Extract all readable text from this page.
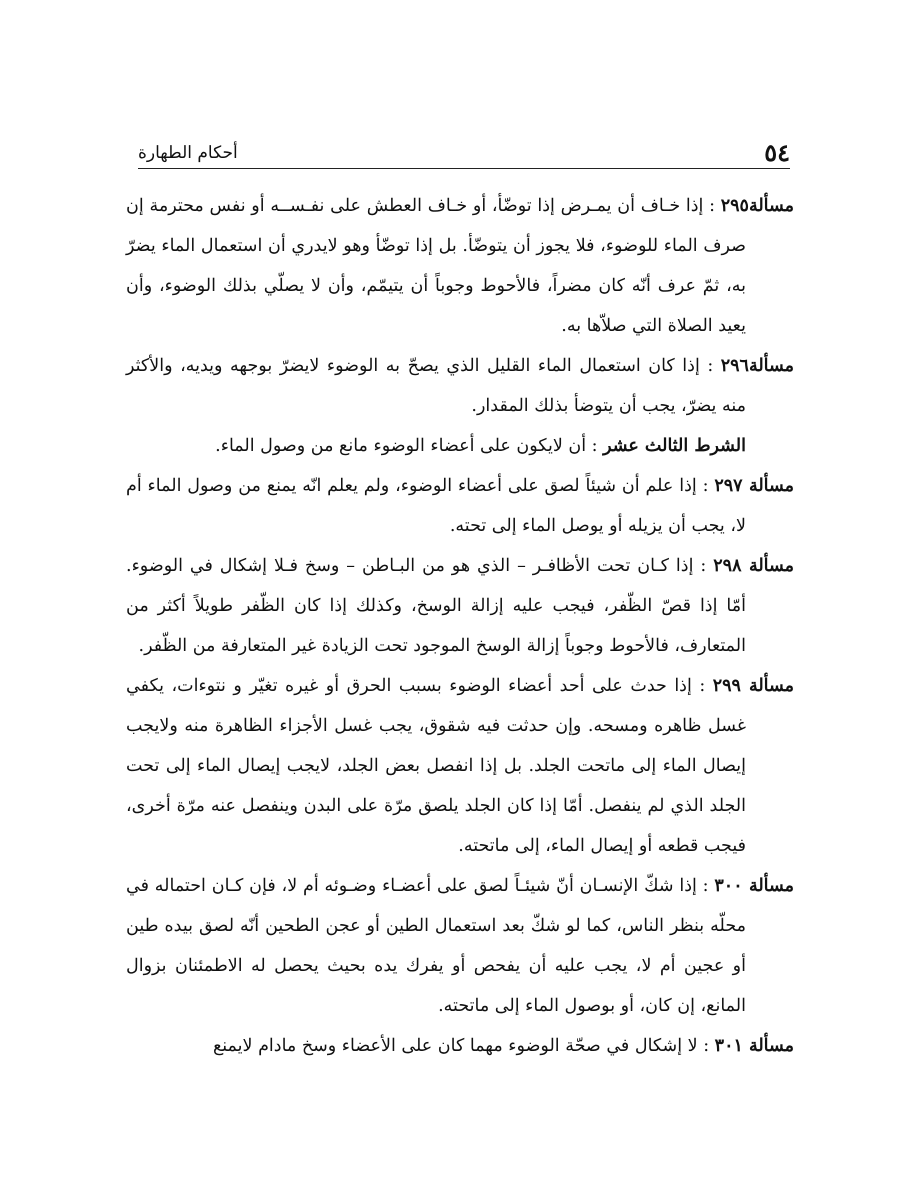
٥٤
أحكام الطهارة

مسألة٢٩٥ : إذا خـاف أن يمـرض إذا توضّأ، أو خـاف العطش على نفـســه أو نفس محترمة إن صرف الماء للوضوء، فلا يجوز أن يتوضّأ. بل إذا توضّأ وهو لايدري أن استعمال الماء يضرّ به، ثمّ عرف أنّه كان مضراً، فالأحوط وجوباً أن يتيمّم، وأن لا يصلّي بذلك الوضوء، وأن يعيد الصلاة التي صلاّها به.

مسألة٢٩٦ : إذا كان استعمال الماء القليل الذي يصحّ به الوضوء لايضرّ بوجهه ويديه، والأكثر منه يضرّ، يجب أن يتوضأ بذلك المقدار.

الشرط الثالث عشر : أن لايكون على أعضاء الوضوء مانع من وصول الماء.

مسألة ٢٩٧ : إذا علم أن شيئاً لصق على أعضاء الوضوء، ولم يعلم انّه يمنع من وصول الماء أم لا، يجب أن يزيله أو يوصل الماء إلى تحته.

مسألة ٢٩٨ : إذا كـان تحت الأظافـر – الذي هو من البـاطن – وسخ فـلا إشكال في الوضوء. أمّا إذا قصّ الظّفر، فيجب عليه إزالة الوسخ، وكذلك إذا كان الظّفر طويلاً أكثر من المتعارف، فالأحوط وجوباً إزالة الوسخ الموجود تحت الزيادة غير المتعارفة من الظّفر.

مسألة ٢٩٩ : إذا حدث على أحد أعضاء الوضوء بسبب الحرق أو غيره تغيّر و نتوءات، يكفي غسل ظاهره ومسحه. وإن حدثت فيه شقوق، يجب غسل الأجزاء الظاهرة منه ولايجب إيصال الماء إلى ماتحت الجلد. بل إذا انفصل بعض الجلد، لايجب إيصال الماء إلى تحت الجلد الذي لم ينفصل. أمّا إذا كان الجلد يلصق مرّة على البدن وينفصل عنه مرّة أخرى، فيجب قطعه أو إيصال الماء، إلى ماتحته.

مسألة ٣٠٠ : إذا شكّ الإنسـان أنّ شيئـاً لصق على أعضـاء وضـوئه أم لا، فإن كـان احتماله في محلّه بنظر الناس، كما لو شكّ بعد استعمال الطين أو عجن الطحين أنّه لصق بيده طين أو عجين أم لا، يجب عليه أن يفحص أو يفرك يده بحيث يحصل له الاطمئنان بزوال المانع، إن كان، أو بوصول الماء إلى ماتحته.

مسألة ٣٠١ : لا إشكال في صحّة الوضوء مهما كان على الأعضاء وسخ مادام لايمنع
